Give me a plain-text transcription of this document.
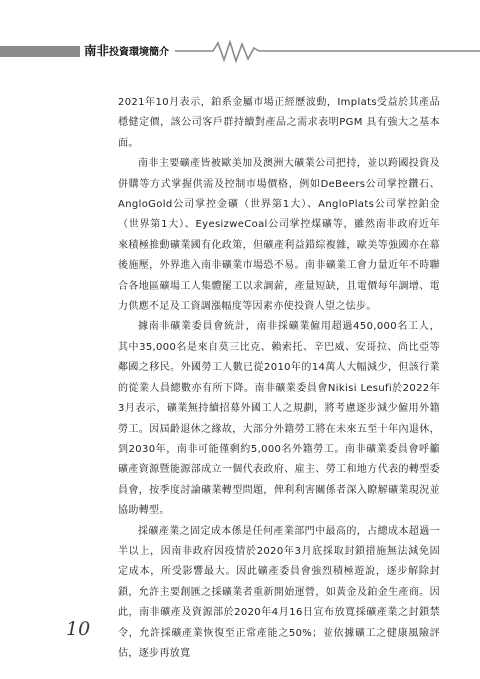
南非投資環境簡介

2021年10月表示，鉑系金屬市場正經歷波動，Implats受益於其產品穩健定價，該公司客戶群持續對產品之需求表明PGM 具有強大之基本面。

南非主要礦產皆被歐美加及澳洲大礦業公司把持，並以跨國投資及併購等方式掌握供需及控制市場價格，例如DeBeers公司掌控鑽石、AngloGold公司掌控金礦（世界第1大）、AngloPlats公司掌控鉑金（世界第1大）、EyesizweCoal公司掌控煤礦等，雖然南非政府近年來積極推動礦業國有化政策，但礦產利益錯綜複雜，歐美等強國亦在幕後施壓，外界進入南非礦業市場恐不易。南非礦業工會力量近年不時聯合各地區礦場工人集體罷工以求調薪，產量短缺，且電價每年調增、電力供應不足及工資調漲幅度等因素亦使投資人望之怯步。

據南非礦業委員會統計，南非採礦業僱用超過450,000名工人，其中35,000名是來自莫三比克、賴索托、辛巴威、安哥拉、尚比亞等鄰國之移民。外國勞工人數已從2010年的14萬人大幅減少，但該行業的從業人員總數亦有所下降。南非礦業委員會Nikisi Lesufi於2022年3月表示，礦業無持續招募外國工人之規劃，將考慮逐步減少僱用外籍勞工。因屆齡退休之緣故，大部分外籍勞工將在未來五至十年內退休，到2030年，南非可能僅剩約5,000名外籍勞工。南非礦業委員會呼籲礦產資源暨能源部成立一個代表政府、雇主、勞工和地方代表的轉型委員會，按季度討論礦業轉型問題，俾利利害關係者深入瞭解礦業現況並協助轉型。

採礦產業之固定成本係是任何產業部門中最高的，占總成本超過一半以上，因南非政府因疫情於2020年3月底採取封鎖措施無法減免固定成本，所受影響最大。因此礦產委員會強烈積極遊說，逐步解除封鎖，允許主要創匯之採礦業者重新開始運營，如黃金及鉑金生產商。因此，南非礦產及資源部於2020年4月16日宣布放寬採礦產業之封鎖禁令，允許採礦產業恢復至正常產能之50%；並依據礦工之健康風險評估，逐步再放寬

10
